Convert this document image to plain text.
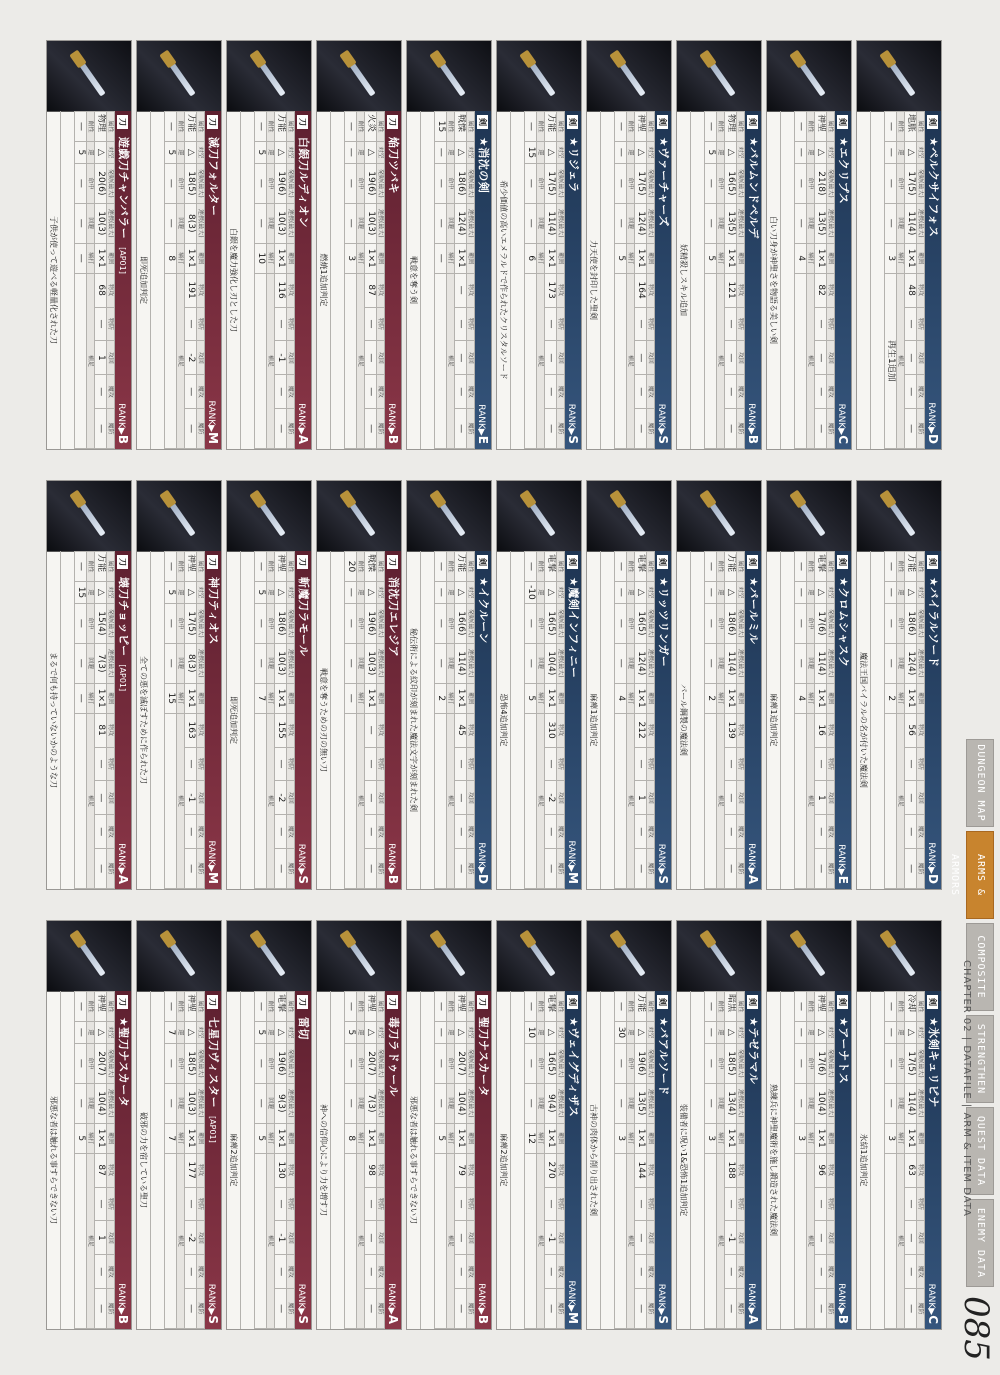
ENEMY DATA
QUEST DATA
STRENGTHEN
COMPOSITE
ARMS & ARMORS
DUNGEON MAP
CHAPTER 02 | DATAFILE | ARM & ITEM DATA
085
剣 ★ペルクサイフォス
RANK▶D
属性	対空	発動(最大)	連携(最大)	範囲	物攻	物防	攻回	魔攻	魔防
地脈	△	17(5)	11(4)	1×1	48	—	—	—	—
耐性	運	命中	回避	痛打	補足				
—	—	—	—	3	再生1追加				
剣 ★エクリプス
RANK▶C
属性	対空	発動(最大)	連携(最大)	範囲	物攻	物防	攻回	魔攻	魔防
神聖	△	21(8)	13(5)	1×1	82	—	—	—	—
耐性	運	命中	回避	痛打	補足				
—	—	—	—	4					
白い刀身が神聖さを物語る美しい剣
剣 ★バルムンドペルデ
RANK▶B
属性	対空	発動(最大)	連携(最大)	範囲	物攻	物防	攻回	魔攻	魔防
物理	△	16(5)	13(5)	1×1	121	—	—	—	—
耐性	運	命中	回避	痛打	補足				
—	5	—	—	5					
妖精殺しスキル追加
剣 ★ヴァーチャーズ
RANK▶S
属性	対空	発動(最大)	連携(最大)	範囲	物攻	物防	攻回	魔攻	魔防
神聖	△	17(5)	12(4)	1×1	164	—	—	—	—
耐性	運	命中	回避	痛打	補足				
—	—	—	—	5					
力天使を封印した聖剣
剣 ★リジェラ
RANK▶S
属性	対空	発動(最大)	連携(最大)	範囲	物攻	物防	攻回	魔攻	魔防
万能	△	17(5)	11(4)	1×1	173	—	—	—	—
耐性	運	命中	回避	痛打	補足				
—	15	—	—	6					
希少価値の高いエメラルドで作られたクリスタルソード
剣 ★消沈の剣
RANK▶E
属性	対空	発動(最大)	連携(最大)	範囲	物攻	物防	攻回	魔攻	魔防
戦慄	△	18(6)	12(4)	1×1	—	—	—	—	—
耐性	運	命中	回避	痛打	補足				
15	—	—	—	—					
戦意を奪う剣
刀 焔刀ツバキ
RANK▶B
属性	対空	発動(最大)	連携(最大)	範囲	物攻	物防	攻回	魔攻	魔防
火炎	△	19(6)	10(3)	1×1	87	—	—	—	—
耐性	運	命中	回避	痛打	補足				
—	—	—	—	3					
燃焼1追加判定
刀 白銀刀ルディオン
RANK▶A
属性	対空	発動(最大)	連携(最大)	範囲	物攻	物防	攻回	魔攻	魔防
万能	△	19(6)	10(3)	1×1	116	—	-1	—	—
耐性	運	命中	回避	痛打	補足				
—	5	—	—	10					
白銀を魔力強化し刃とした刀
刀 滅刀フォルター
RANK▶M
属性	対空	発動(最大)	連携(最大)	範囲	物攻	物防	攻回	魔攻	魔防
万能	△	18(5)	8(3)	1×1	191	—	-2	—	—
耐性	運	命中	回避	痛打	補足				
—	5	—	—	8					
即死追加判定
刀 遊戯刀チャンバラー [AP01]
RANK▶B
属性	対空	発動(最大)	連携(最大)	範囲	物攻	物防	攻回	魔攻	魔防
物理	△	20(6)	10(3)	1×1	68	—	1	—	—
耐性	運	命中	回避	痛打	補足				
—	5	—	—	—					
子供が使って遊べる軽量化された刀
剣 ★バイラルソード
RANK▶D
属性	対空	発動(最大)	連携(最大)	範囲	物攻	物防	攻回	魔攻	魔防
万能	△	18(6)	12(4)	1×1	56	—	—	—	—
耐性	運	命中	回避	痛打	補足				
—	—	—	—	2					
魔法王国バイラルの名が付いた魔法剣
剣 ★クロムシャスク
RANK▶E
属性	対空	発動(最大)	連携(最大)	範囲	物攻	物防	攻回	魔攻	魔防
電撃	△	17(6)	11(4)	1×1	16	—	1	—	—
耐性	運	命中	回避	痛打	補足				
—	—	—	—	4					
麻痺1追加判定
剣 ★パールミル
RANK▶A
属性	対空	発動(最大)	連携(最大)	範囲	物攻	物防	攻回	魔攻	魔防
万能	△	18(6)	11(4)	1×1	139	—	—	—	—
耐性	運	命中	回避	痛打	補足				
—	—	—	—	2					
パール鋼製の魔法剣
剣 ★リッツリンガー
RANK▶S
属性	対空	発動(最大)	連携(最大)	範囲	物攻	物防	攻回	魔攻	魔防
電撃	△	16(5)	12(4)	1×1	212	—	1	—	—
耐性	運	命中	回避	痛打	補足				
—	—	—	—	4					
麻痺1追加判定
剣 ★魔剣インフィニー
RANK▶M
属性	対空	発動(最大)	連携(最大)	範囲	物攻	物防	攻回	魔攻	魔防
電撃	△	16(5)	10(4)	1×1	310	—	-2	—	—
耐性	運	命中	回避	痛打	補足				
—	-10	—	—	5					
恐怖4追加判定
剣 ★イクルーン
RANK▶D
属性	対空	発動(最大)	連携(最大)	範囲	物攻	物防	攻回	魔攻	魔防
万能	△	16(6)	11(4)	1×1	45	—	—	—	—
耐性	運	命中	回避	痛打	補足				
—	—	—	—	2					
秘伝術による紋印が刻まれた魔法文字が刻まれた剣
刀 消沈刀エレジア
RANK▶B
属性	対空	発動(最大)	連携(最大)	範囲	物攻	物防	攻回	魔攻	魔防
戦慄	△	19(6)	10(3)	1×1	—	—	—	—	—
耐性	運	命中	回避	痛打	補足				
20	—	—	—	—					
戦意を奪うための刃の無い刀
刀 斬魔刀ラモール
RANK▶S
属性	対空	発動(最大)	連携(最大)	範囲	物攻	物防	攻回	魔攻	魔防
神聖	△	18(6)	10(3)	1×1	155	—	-2	—	—
耐性	運	命中	回避	痛打	補足				
—	5	—	—	7					
即死追加判定
刀 神刀ティオス
RANK▶M
属性	対空	発動(最大)	連携(最大)	範囲	物攻	物防	攻回	魔攻	魔防
神聖	△	17(5)	8(3)	1×1	163	—	-1	—	—
耐性	運	命中	回避	痛打	補足				
—	5	—	—	15					
全ての悪を滅ぼすために作られた刀
刀 壊刀チョッピー [AP01]
RANK▶A
属性	対空	発動(最大)	連携(最大)	範囲	物攻	物防	攻回	魔攻	魔防
万能	△	15(4)	7(3)	1×1	81	—	—	—	—
耐性	運	命中	回避	痛打	補足				
—	15	—	—	—					
まるで何も持っていないかのような刀
剣 ★氷剣キュリピナ
RANK▶C
属性	対空	発動(最大)	連携(最大)	範囲	物攻	物防	攻回	魔攻	魔防
冷却	△	17(5)	11(4)	1×1	63	—	—	—	—
耐性	運	命中	回避	痛打	補足				
—	—	—	—	3					
氷結1追加判定
剣 ★アーナトス
RANK▶B
属性	対空	発動(最大)	連携(最大)	範囲	物攻	物防	攻回	魔攻	魔防
神聖	△	17(6)	10(4)	1×1	96	—	—	—	—
耐性	運	命中	回避	痛打	補足				
—	—	—	—	3					
熟練兵に神聖魔術を施し鍛造された魔法剣
剣 ★テゼラマル
RANK▶A
属性	対空	発動(最大)	連携(最大)	範囲	物攻	物防	攻回	魔攻	魔防
暗黒	△	18(5)	13(4)	1×1	188	—	-1	—	—
耐性	運	命中	回避	痛打	補足				
—	—	—	—	3					
装備者に呪い1&恐怖1追加判定
剣 ★バアルソード
RANK▶S
属性	対空	発動(最大)	連携(最大)	範囲	物攻	物防	攻回	魔攻	魔防
万能	△	19(6)	13(5)	1×1	144	—	—	—	—
耐性	運	命中	回避	痛打	補足				
—	30	—	—	3					
古神の肉体から削り出された剣
剣 ★ヴェイグディザス
RANK▶M
属性	対空	発動(最大)	連携(最大)	範囲	物攻	物防	攻回	魔攻	魔防
電撃	△	16(5)	9(4)	1×1	270	—	-1	—	—
耐性	運	命中	回避	痛打	補足				
—	10	—	—	12					
麻痺2追加判定
刀 聖刀ナスカータ
RANK▶B
属性	対空	発動(最大)	連携(最大)	範囲	物攻	物防	攻回	魔攻	魔防
神聖	△	20(7)	10(4)	1×1	79	—	—	—	—
耐性	運	命中	回避	痛打	補足				
—	—	—	—	5					
邪悪な者は触れる事すらできない刀
刀 毒刀ラドゥール
RANK▶A
属性	対空	発動(最大)	連携(最大)	範囲	物攻	物防	攻回	魔攻	魔防
神聖	△	20(7)	7(3)	1×1	98	—	—	—	—
耐性	運	命中	回避	痛打	補足				
—	5	—	—	8					
神への信仰心により力を増す刀
刀 雷切
RANK▶S
属性	対空	発動(最大)	連携(最大)	範囲	物攻	物防	攻回	魔攻	魔防
電撃	△	19(6)	9(3)	1×1	130	—	-1	—	—
耐性	運	命中	回避	痛打	補足				
—	5	—	—	5					
麻痺2追加判定
刀 七星刀ヴィスター [AP01]
RANK▶S
属性	対空	発動(最大)	連携(最大)	範囲	物攻	物防	攻回	魔攻	魔防
神聖	△	18(5)	10(3)	1×1	177	—	-2	—	—
耐性	運	命中	回避	痛打	補足				
—	7	—	—	7					
破邪の力を宿している聖刀
刀 ★聖刀ナスカータ
RANK▶B
属性	対空	発動(最大)	連携(最大)	範囲	物攻	物防	攻回	魔攻	魔防
神聖	△	20(7)	10(4)	1×1	87	—	1	—	—
耐性	運	命中	回避	痛打	補足				
—	—	—	—	5					
邪悪な者は触れる事すらできない刀
